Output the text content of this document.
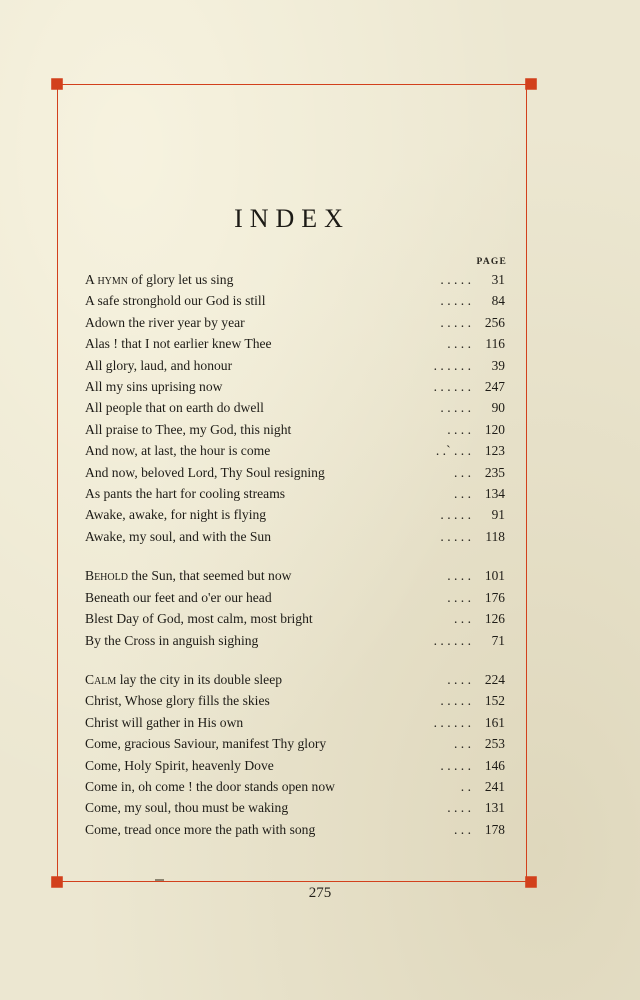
INDEX
PAGE
A hymn of glory let us sing	. . . . .	31
A safe stronghold our God is still	. . . . .	84
Adown the river year by year	. . . . .	256
Alas ! that I not earlier knew Thee	. . . .	116
All glory, laud, and honour	. . . . . .	39
All my sins uprising now	. . . . . .	247
All people that on earth do dwell	. . . . .	90
All praise to Thee, my God, this night	. . . .	120
And now, at last, the hour is come	. . . `. .	123
And now, beloved Lord, Thy Soul resigning	. . .	235
As pants the hart for cooling streams	. . .	134
Awake, awake, for night is flying	. . . . .	91
Awake, my soul, and with the Sun	. . . . .	118
Behold the Sun, that seemed but now	. . . .	101
Beneath our feet and o'er our head	. . . .	176
Blest Day of God, most calm, most bright	. . .	126
By the Cross in anguish sighing	. . . . . .	71
Calm lay the city in its double sleep	. . . .	224
Christ, Whose glory fills the skies	. . . . .	152
Christ will gather in His own	. . . . . .	161
Come, gracious Saviour, manifest Thy glory	. . .	253
Come, Holy Spirit, heavenly Dove	. . . . .	146
Come in, oh come ! the door stands open now	. .	241
Come, my soul, thou must be waking	. . . .	131
Come, tread once more the path with song	. . .	178
275
